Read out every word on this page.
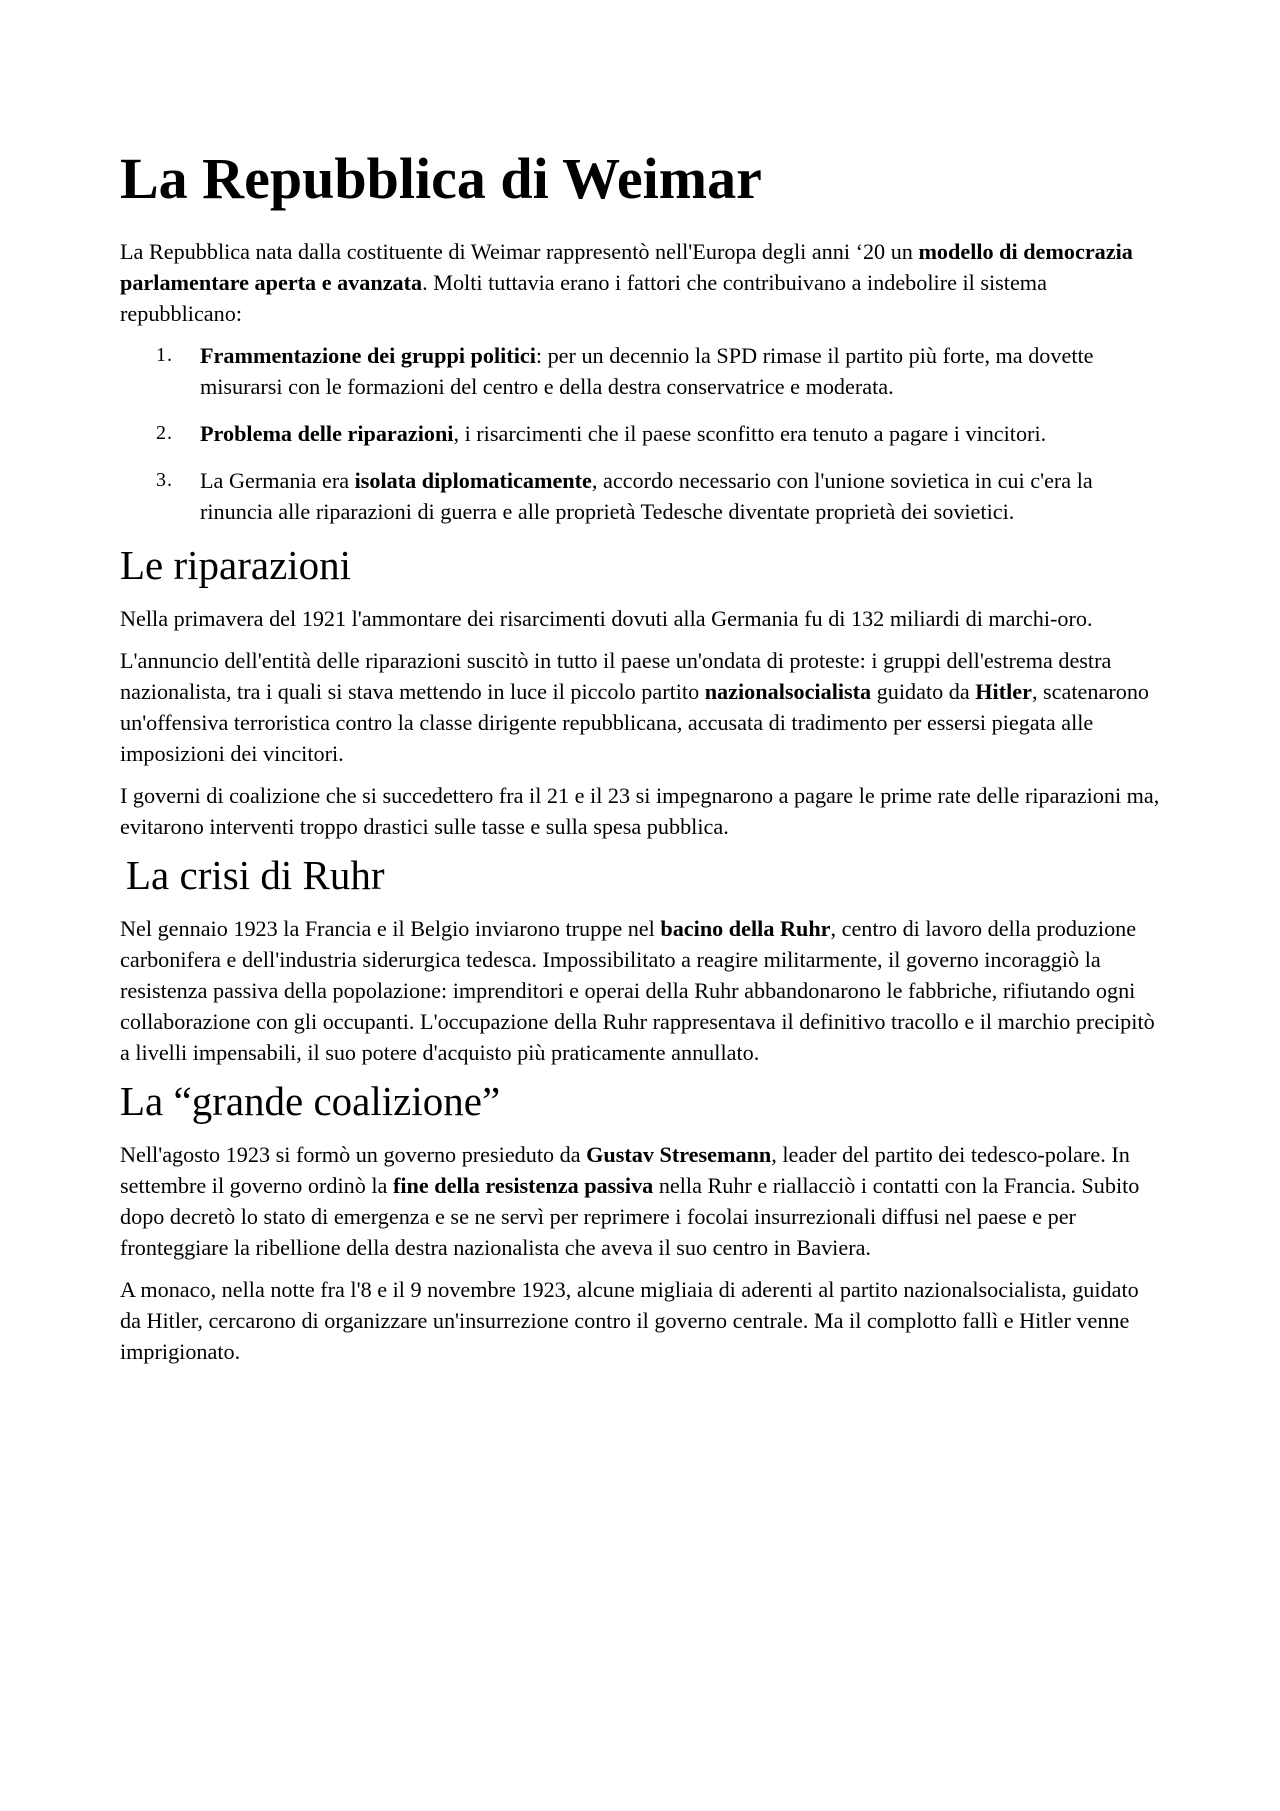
La Repubblica di Weimar

La Repubblica nata dalla costituente di Weimar rappresentò nell'Europa degli anni ‘20 un modello di democrazia parlamentare aperta e avanzata. Molti tuttavia erano i fattori che contribuivano a indebolire il sistema repubblicano:

1. Frammentazione dei gruppi politici: per un decennio la SPD rimase il partito più forte, ma dovette misurarsi con le formazioni del centro e della destra conservatrice e moderata.
2. Problema delle riparazioni, i risarcimenti che il paese sconfitto era tenuto a pagare i vincitori.
3. La Germania era isolata diplomaticamente, accordo necessario con l'unione sovietica in cui c'era la rinuncia alle riparazioni di guerra e alle proprietà Tedesche diventate proprietà dei sovietici.
Le riparazioni

Nella primavera del 1921 l'ammontare dei risarcimenti dovuti alla Germania fu di 132 miliardi di marchi-oro.

L'annuncio dell'entità delle riparazioni suscitò in tutto il paese un'ondata di proteste: i gruppi dell'estrema destra nazionalista, tra i quali si stava mettendo in luce il piccolo partito nazionalsocialista guidato da Hitler, scatenarono un'offensiva terroristica contro la classe dirigente repubblicana, accusata di tradimento per essersi piegata alle imposizioni dei vincitori.

I governi di coalizione che si succedettero fra il 21 e il 23 si impegnarono a pagare le prime rate delle riparazioni ma, evitarono interventi troppo drastici sulle tasse e sulla spesa pubblica.

La crisi di Ruhr

Nel gennaio 1923 la Francia e il Belgio inviarono truppe nel bacino della Ruhr, centro di lavoro della produzione carbonifera e dell'industria siderurgica tedesca. Impossibilitato a reagire militarmente, il governo incoraggiò la resistenza passiva della popolazione: imprenditori e operai della Ruhr abbandonarono le fabbriche, rifiutando ogni collaborazione con gli occupanti. L'occupazione della Ruhr rappresentava il definitivo tracollo e il marchio precipitò a livelli impensabili, il suo potere d'acquisto più praticamente annullato.

La “grande coalizione”

Nell'agosto 1923 si formò un governo presieduto da Gustav Stresemann, leader del partito dei tedesco-polare. In settembre il governo ordinò la fine della resistenza passiva nella Ruhr e riallacciò i contatti con la Francia. Subito dopo decretò lo stato di emergenza e se ne servì per reprimere i focolai insurrezionali diffusi nel paese e per fronteggiare la ribellione della destra nazionalista che aveva il suo centro in Baviera.

A monaco, nella notte fra l'8 e il 9 novembre 1923, alcune migliaia di aderenti al partito nazionalsocialista, guidato da Hitler, cercarono di organizzare un'insurrezione contro il governo centrale. Ma il complotto fallì e Hitler venne imprigionato.
